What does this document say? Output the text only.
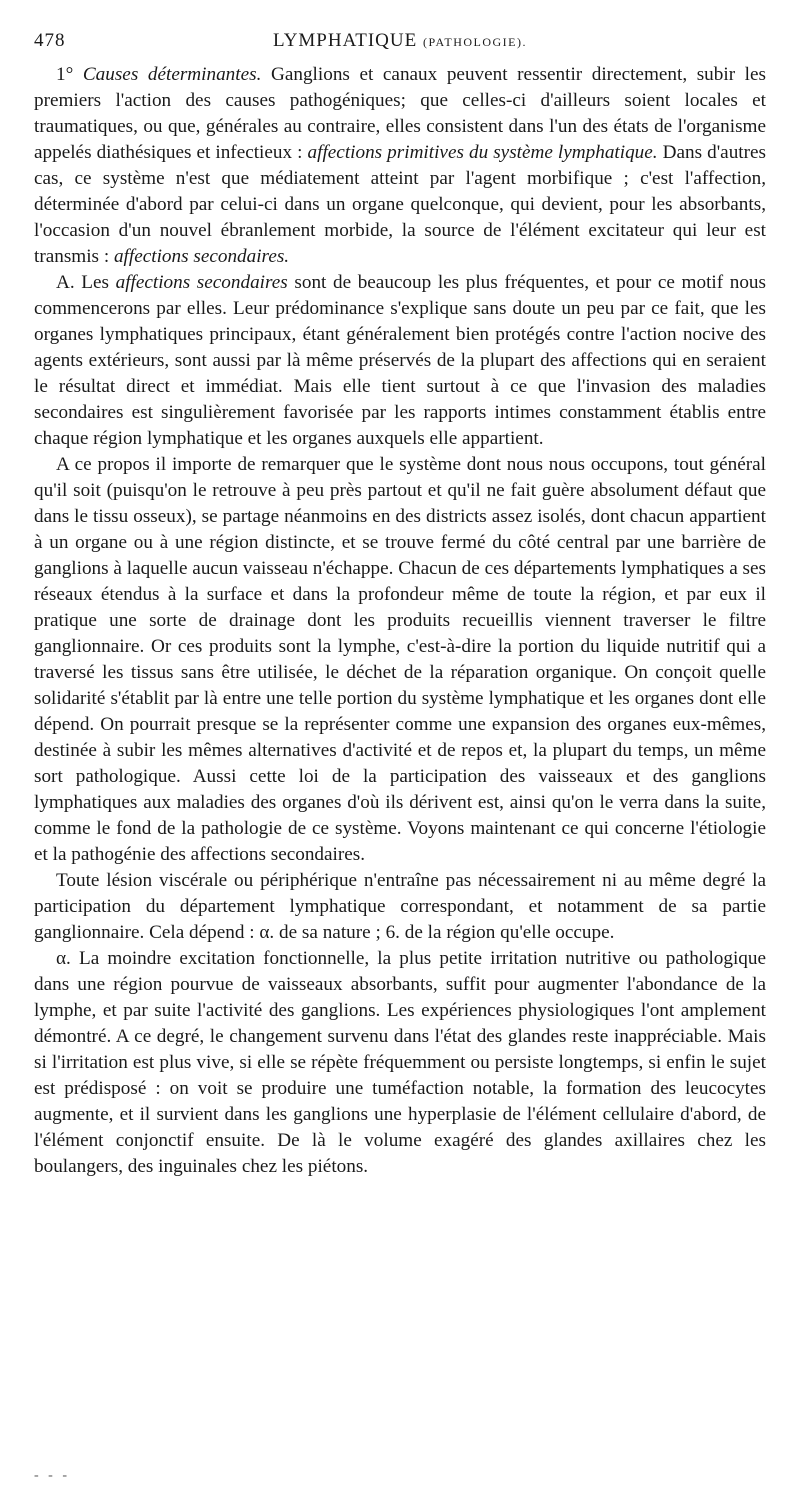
478	LYMPHATIQUE (PATHOLOGIE).

1° Causes déterminantes. Ganglions et canaux peuvent ressentir directement, subir les premiers l'action des causes pathogéniques; que celles-ci d'ailleurs soient locales et traumatiques, ou que, générales au contraire, elles consistent dans l'un des états de l'organisme appelés diathésiques et infectieux : affections primitives du système lymphatique. Dans d'autres cas, ce système n'est que médiatement atteint par l'agent morbifique ; c'est l'affection, déterminée d'abord par celui-ci dans un organe quelconque, qui devient, pour les absorbants, l'occasion d'un nouvel ébranlement morbide, la source de l'élément excitateur qui leur est transmis : affections secondaires.

A. Les affections secondaires sont de beaucoup les plus fréquentes, et pour ce motif nous commencerons par elles. Leur prédominance s'explique sans doute un peu par ce fait, que les organes lymphatiques principaux, étant généralement bien protégés contre l'action nocive des agents extérieurs, sont aussi par là même préservés de la plupart des affections qui en seraient le résultat direct et immédiat. Mais elle tient surtout à ce que l'invasion des maladies secondaires est singulièrement favorisée par les rapports intimes constamment établis entre chaque région lymphatique et les organes auxquels elle appartient.

A ce propos il importe de remarquer que le système dont nous nous occupons, tout général qu'il soit (puisqu'on le retrouve à peu près partout et qu'il ne fait guère absolument défaut que dans le tissu osseux), se partage néanmoins en des districts assez isolés, dont chacun appartient à un organe ou à une région distincte, et se trouve fermé du côté central par une barrière de ganglions à laquelle aucun vaisseau n'échappe. Chacun de ces départements lymphatiques a ses réseaux étendus à la surface et dans la profondeur même de toute la région, et par eux il pratique une sorte de drainage dont les produits recueillis viennent traverser le filtre ganglionnaire. Or ces produits sont la lymphe, c'est-à-dire la portion du liquide nutritif qui a traversé les tissus sans être utilisée, le déchet de la réparation organique. On conçoit quelle solidarité s'établit par là entre une telle portion du système lymphatique et les organes dont elle dépend. On pourrait presque se la représenter comme une expansion des organes eux-mêmes, destinée à subir les mêmes alternatives d'activité et de repos et, la plupart du temps, un même sort pathologique. Aussi cette loi de la participation des vaisseaux et des ganglions lymphatiques aux maladies des organes d'où ils dérivent est, ainsi qu'on le verra dans la suite, comme le fond de la pathologie de ce système. Voyons maintenant ce qui concerne l'étiologie et la pathogénie des affections secondaires.

Toute lésion viscérale ou périphérique n'entraîne pas nécessairement ni au même degré la participation du département lymphatique correspondant, et notamment de sa partie ganglionnaire. Cela dépend : α. de sa nature ; 6. de la région qu'elle occupe.

α. La moindre excitation fonctionnelle, la plus petite irritation nutritive ou pathologique dans une région pourvue de vaisseaux absorbants, suffit pour augmenter l'abondance de la lymphe, et par suite l'activité des ganglions. Les expériences physiologiques l'ont amplement démontré. A ce degré, le changement survenu dans l'état des glandes reste inappréciable. Mais si l'irritation est plus vive, si elle se répète fréquemment ou persiste longtemps, si enfin le sujet est prédisposé : on voit se produire une tuméfaction notable, la formation des leucocytes augmente, et il survient dans les ganglions une hyperplasie de l'élément cellulaire d'abord, de l'élément conjonctif ensuite. De là le volume exagéré des glandes axillaires chez les boulangers, des inguinales chez les piétons.

- - -
